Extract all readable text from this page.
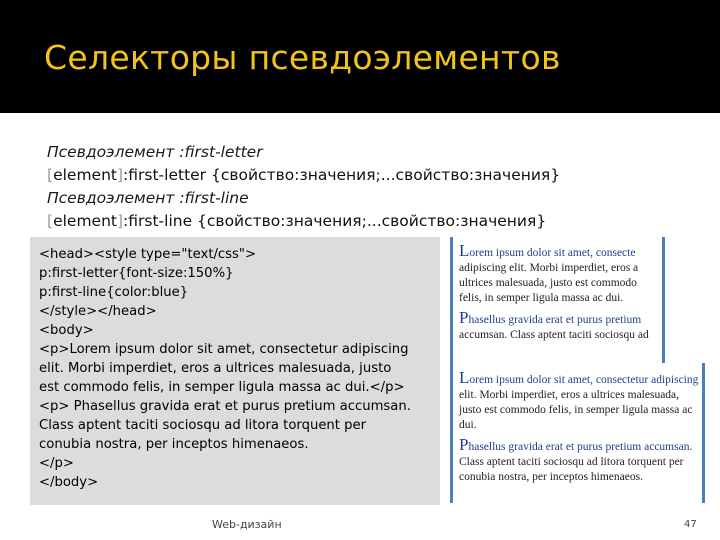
Селекторы псевдоэлементов
Псевдоэлемент :first-letter
[element]:first-letter {свойство:значения;...свойство:значения}
Псевдоэлемент :first-line
[element]:first-line {свойство:значения;...свойство:значения}
<head><style type="text/css">
p:first-letter{font-size:150%}
p:first-line{color:blue}
</style></head>
<body>
<p>Lorem ipsum dolor sit amet, consectetur adipiscing
elit. Morbi imperdiet, eros a ultrices malesuada, justo
est commodo felis, in semper ligula massa ac dui.</p>
<p> Phasellus gravida erat et purus pretium accumsan.
Class aptent taciti sociosqu ad litora torquent per
conubia nostra, per inceptos himenaeos.
</p>
</body>
Lorem ipsum dolor sit amet, consecte
adipiscing elit. Morbi imperdiet, eros a
ultrices malesuada, justo est commodo
felis, in semper ligula massa ac dui.
Phasellus gravida erat et purus pretium
accumsan. Class aptent taciti sociosqu ad
Lorem ipsum dolor sit amet, consectetur adipiscing
elit. Morbi imperdiet, eros a ultrices malesuada,
justo est commodo felis, in semper ligula massa ac
dui.
Phasellus gravida erat et purus pretium accumsan.
Class aptent taciti sociosqu ad litora torquent per
conubia nostra, per inceptos himenaeos.
Web-дизайн	47
